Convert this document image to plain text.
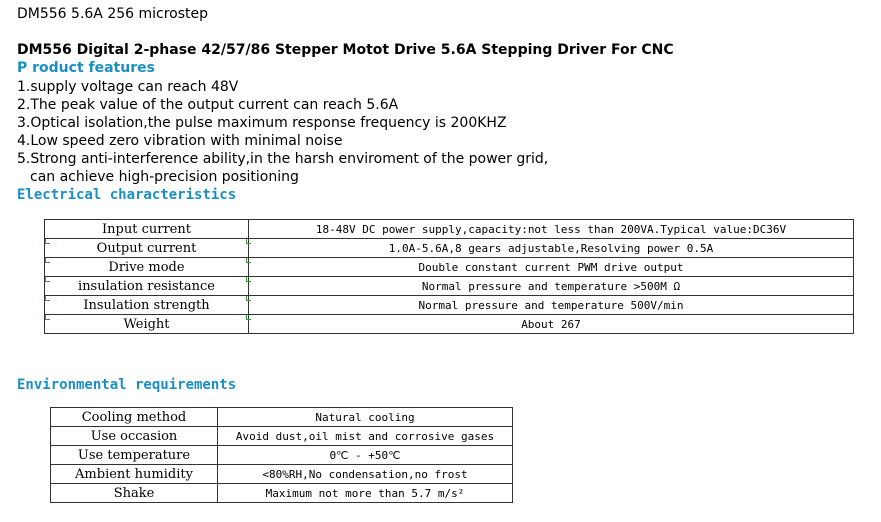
DM556 5.6A 256 microstep
DM556 Digital 2-phase 42/57/86 Stepper Motot Drive 5.6A Stepping Driver For CNC
P roduct features
1.supply voltage can reach 48V
2.The peak value of the output current can reach 5.6A
3.Optical isolation,the pulse maximum response frequency is 200KHZ
4.Low speed zero vibration with minimal noise
5.Strong anti-interference ability,in the harsh enviroment of the power grid,
can achieve high-precision positioning
Electrical characteristics
Input current	18-48V DC power supply,capacity:not less than 200VA.Typical value:DC36V
Output current	1.0A-5.6A,8 gears adjustable,Resolving power 0.5A
Drive mode	Double constant current PWM drive output
insulation resistance	Normal pressure and temperature >500M Ω
Insulation strength	Normal pressure and temperature 500V/min
Weight	About 267
Environmental requirements
Cooling method	Natural cooling
Use occasion	Avoid dust,oil mist and corrosive gases
Use temperature	0℃ - +50℃
Ambient humidity	<80%RH,No condensation,no frost
Shake	Maximum not more than 5.7 m/s²
